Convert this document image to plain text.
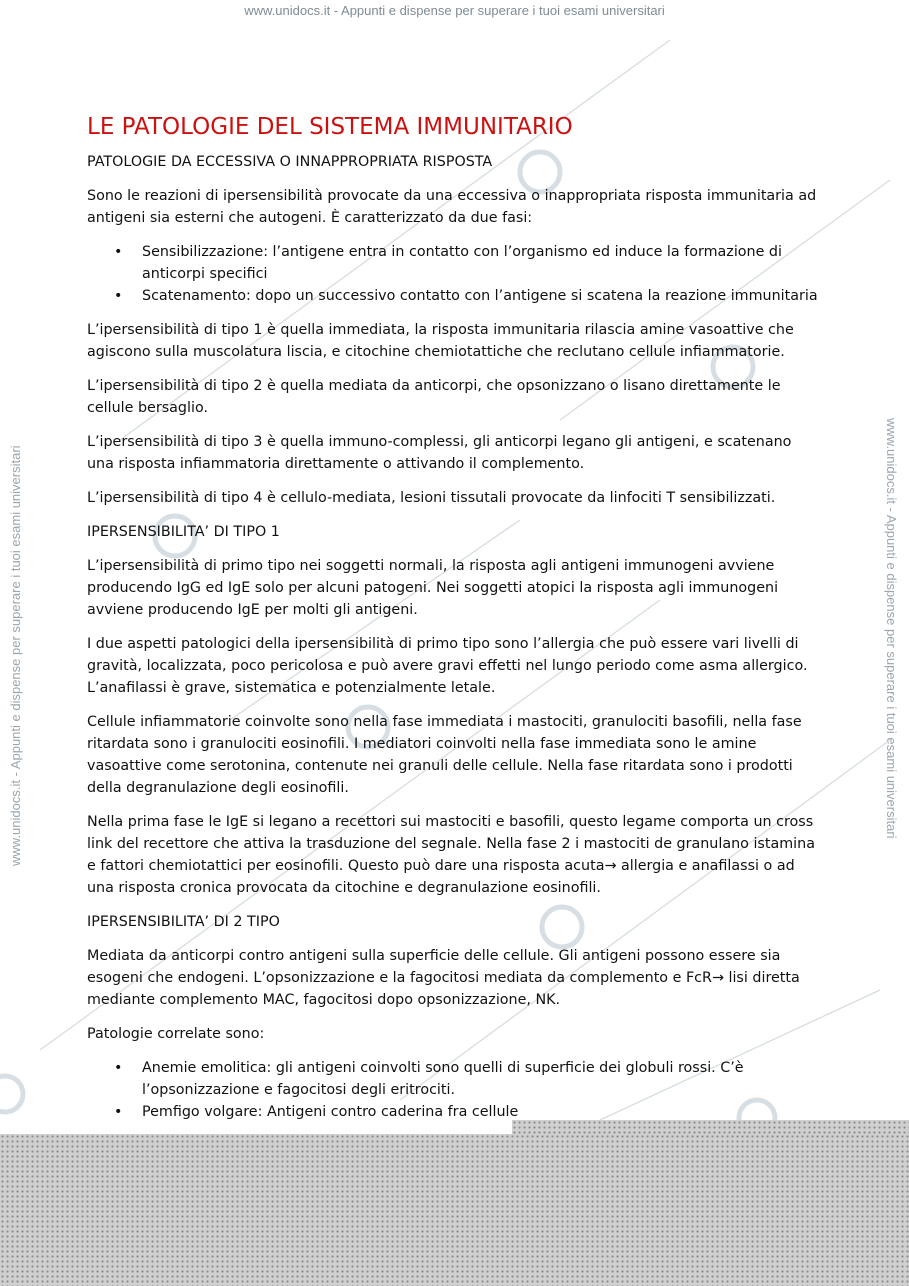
www.unidocs.it - Appunti e dispense per superare i tuoi esami universitari
www.unidocs.it - Appunti e dispense per superare i tuoi esami universitari	www.unidocs.it - Appunti e dispense per superare i tuoi esami universitari
LE PATOLOGIE DEL SISTEMA IMMUNITARIO
PATOLOGIE DA ECCESSIVA O INNAPPROPRIATA RISPOSTA
Sono le reazioni di ipersensibilità provocate da una eccessiva o inappropriata risposta immunitaria ad antigeni sia esterni che autogeni. È caratterizzato da due fasi:
• Sensibilizzazione: l’antigene entra in contatto con l’organismo ed induce la formazione di anticorpi specifici
• Scatenamento: dopo un successivo contatto con l’antigene si scatena la reazione immunitaria
L’ipersensibilità di tipo 1 è quella immediata, la risposta immunitaria rilascia amine vasoattive che agiscono sulla muscolatura liscia, e citochine chemiotattiche che reclutano cellule infiammatorie.
L’ipersensibilità di tipo 2 è quella mediata da anticorpi, che opsonizzano o lisano direttamente le cellule bersaglio.
L’ipersensibilità di tipo 3 è quella immuno-complessi, gli anticorpi legano gli antigeni, e scatenano una risposta infiammatoria direttamente o attivando il complemento.
L’ipersensibilità di tipo 4 è cellulo-mediata, lesioni tissutali provocate da linfociti T sensibilizzati.
IPERSENSIBILITA’ DI TIPO 1
L’ipersensibilità di primo tipo nei soggetti normali, la risposta agli antigeni immunogeni avviene producendo IgG ed IgE solo per alcuni patogeni. Nei soggetti atopici la risposta agli immunogeni avviene producendo IgE per molti gli antigeni.
I due aspetti patologici della ipersensibilità di primo tipo sono l’allergia che può essere vari livelli di gravità, localizzata, poco pericolosa e può avere gravi effetti nel lungo periodo come asma allergico. L’anafilassi è grave, sistematica e potenzialmente letale.
Cellule infiammatorie coinvolte sono nella fase immediata i mastociti, granulociti basofili, nella fase ritardata sono i granulociti eosinofili. I mediatori coinvolti nella fase immediata sono le amine vasoattive come serotonina, contenute nei granuli delle cellule. Nella fase ritardata sono i prodotti della degranulazione degli eosinofili.
Nella prima fase le IgE si legano a recettori sui mastociti e basofili, questo legame comporta un cross link del recettore che attiva la trasduzione del segnale. Nella fase 2 i mastociti de granulano istamina e fattori chemiotattici per eosinofili. Questo può dare una risposta acuta→ allergia e anafilassi o ad una risposta cronica provocata da citochine e degranulazione eosinofili.
IPERSENSIBILITA’ DI 2 TIPO
Mediata da anticorpi contro antigeni sulla superficie delle cellule. Gli antigeni possono essere sia esogeni che endogeni. L’opsonizzazione e la fagocitosi mediata da complemento e FcR→ lisi diretta mediante complemento MAC, fagocitosi dopo opsonizzazione, NK.
Patologie correlate sono:
• Anemie emolitica: gli antigeni coinvolti sono quelli di superficie dei globuli rossi. C’è l’opsonizzazione e fagocitosi degli eritrociti.
• Pemfigo volgare: Antigeni contro caderina fra cellule
